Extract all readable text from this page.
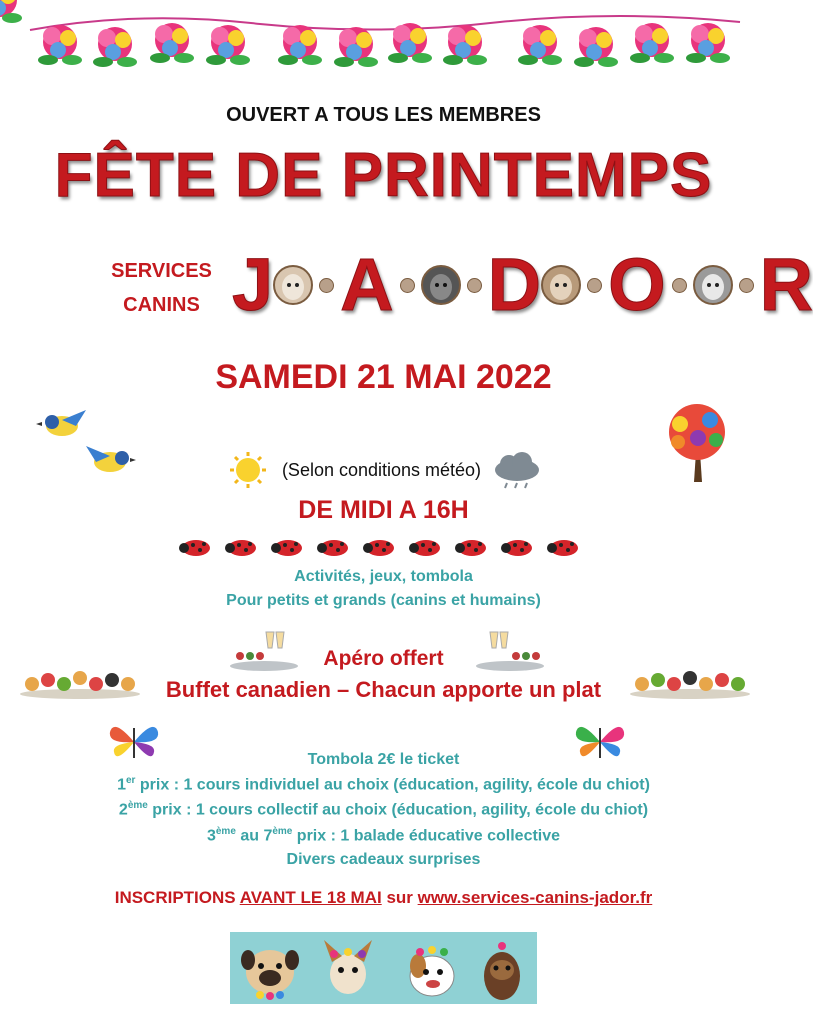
OUVERT A TOUS LES MEMBRES
FÊTE DE PRINTEMPS
SERVICES
CANINS J A D O R
SAMEDI 21 MAI 2022
(Selon conditions météo)
DE MIDI A 16H
Activités, jeux, tombola
Pour petits et grands (canins et humains)
Apéro offert
Buffet canadien – Chacun apporte un plat
Tombola 2€ le ticket
1er prix : 1 cours individuel au choix (éducation, agility, école du chiot)
2ème prix : 1 cours collectif au choix (éducation, agility, école du chiot)
3ème au 7ème prix : 1 balade éducative collective
Divers cadeaux surprises
INSCRIPTIONS AVANT LE 18 MAI sur www.services-canins-jador.fr
